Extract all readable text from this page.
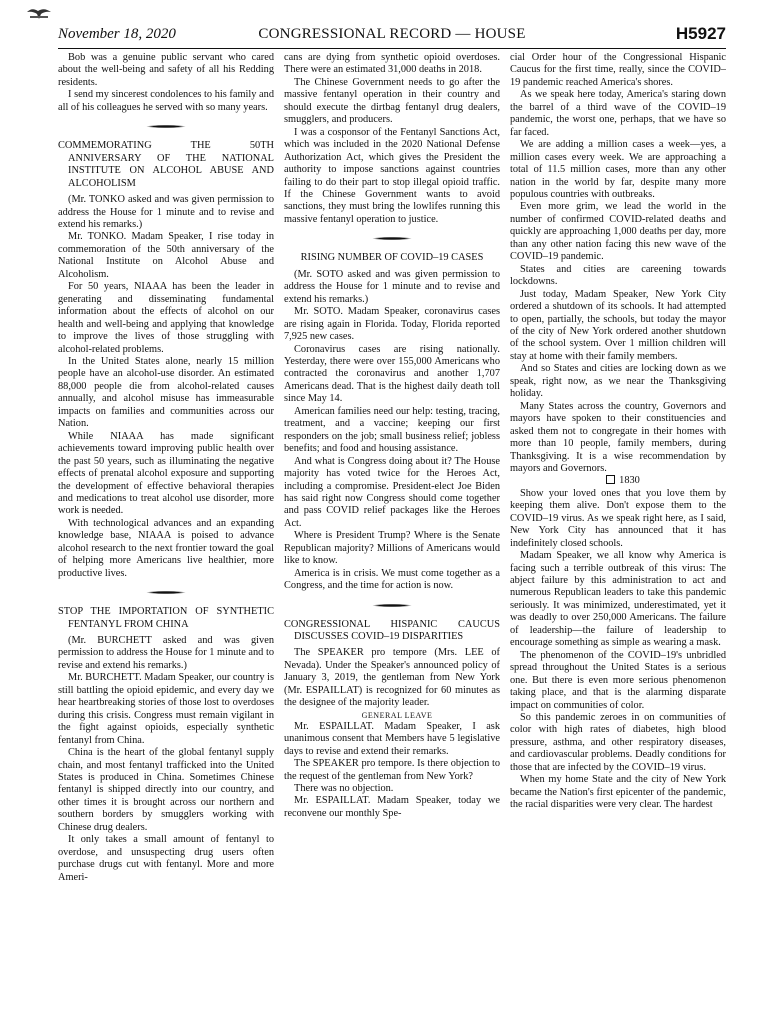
November 18, 2020	CONGRESSIONAL RECORD — HOUSE	H5927

Bob was a genuine public servant who cared about the well-being and safety of all his Redding residents.

I send my sincerest condolences to his family and all of his colleagues he served with so many years.

COMMEMORATING THE 50TH ANNIVERSARY OF THE NATIONAL INSTITUTE ON ALCOHOL ABUSE AND ALCOHOLISM

(Mr. TONKO asked and was given permission to address the House for 1 minute and to revise and extend his remarks.)

Mr. TONKO. Madam Speaker, I rise today in commemoration of the 50th anniversary of the National Institute on Alcohol Abuse and Alcoholism.

For 50 years, NIAAA has been the leader in generating and disseminating fundamental information about the effects of alcohol on our health and well-being and applying that knowledge to improve the lives of those struggling with alcohol-related problems.

In the United States alone, nearly 15 million people have an alcohol-use disorder. An estimated 88,000 people die from alcohol-related causes annually, and alcohol misuse has immeasurable impacts on families and communities across our Nation.

While NIAAA has made significant achievements toward improving public health over the past 50 years, such as illuminating the negative effects of prenatal alcohol exposure and supporting the development of effective behavioral therapies and medications to treat alcohol use disorder, more work is needed.

With technological advances and an expanding knowledge base, NIAAA is poised to advance alcohol research to the next frontier toward the goal of helping more Americans live healthier, more productive lives.

STOP THE IMPORTATION OF SYNTHETIC FENTANYL FROM CHINA

(Mr. BURCHETT asked and was given permission to address the House for 1 minute and to revise and extend his remarks.)

Mr. BURCHETT. Madam Speaker, our country is still battling the opioid epidemic, and every day we hear heartbreaking stories of those lost to overdoses during this crisis. Congress must remain vigilant in the fight against opioids, especially synthetic fentanyl from China.

China is the heart of the global fentanyl supply chain, and most fentanyl trafficked into the United States is produced in China. Sometimes Chinese fentanyl is shipped directly into our country, and other times it is brought across our northern and southern borders by smugglers working with Chinese drug dealers.

It only takes a small amount of fentanyl to overdose, and unsuspecting drug users often purchase drugs cut with fentanyl. More and more Ameri-

cans are dying from synthetic opioid overdoses. There were an estimated 31,000 deaths in 2018.

The Chinese Government needs to go after the massive fentanyl operation in their country and should execute the dirtbag fentanyl drug dealers, smugglers, and producers.

I was a cosponsor of the Fentanyl Sanctions Act, which was included in the 2020 National Defense Authorization Act, which gives the President the authority to impose sanctions against countries failing to do their part to stop illegal opioid traffic. If the Chinese Government wants to avoid sanctions, they must bring the lowlifes running this massive fentanyl operation to justice.

RISING NUMBER OF COVID–19 CASES

(Mr. SOTO asked and was given permission to address the House for 1 minute and to revise and extend his remarks.)

Mr. SOTO. Madam Speaker, coronavirus cases are rising again in Florida. Today, Florida reported 7,925 new cases.

Coronavirus cases are rising nationally. Yesterday, there were over 155,000 Americans who contracted the coronavirus and another 1,707 Americans dead. That is the highest daily death toll since May 14.

American families need our help: testing, tracing, treatment, and a vaccine; keeping our first responders on the job; small business relief; jobless benefits; and food and housing assistance.

And what is Congress doing about it? The House majority has voted twice for the Heroes Act, including a compromise. President-elect Joe Biden has said right now Congress should come together and pass COVID relief packages like the Heroes Act.

Where is President Trump? Where is the Senate Republican majority? Millions of Americans would like to know.

America is in crisis. We must come together as a Congress, and the time for action is now.

CONGRESSIONAL HISPANIC CAUCUS DISCUSSES COVID–19 DISPARITIES

The SPEAKER pro tempore (Mrs. LEE of Nevada). Under the Speaker's announced policy of January 3, 2019, the gentleman from New York (Mr. ESPAILLAT) is recognized for 60 minutes as the designee of the majority leader.

GENERAL LEAVE

Mr. ESPAILLAT. Madam Speaker, I ask unanimous consent that Members have 5 legislative days to revise and extend their remarks.

The SPEAKER pro tempore. Is there objection to the request of the gentleman from New York?

There was no objection.

Mr. ESPAILLAT. Madam Speaker, today we reconvene our monthly Spe-

cial Order hour of the Congressional Hispanic Caucus for the first time, really, since the COVID–19 pandemic reached America's shores.

As we speak here today, America's staring down the barrel of a third wave of the COVID–19 pandemic, the worst one, perhaps, that we have so far faced.

We are adding a million cases a week—yes, a million cases every week. We are approaching a total of 11.5 million cases, more than any other nation in the world by far, despite many more populous countries with outbreaks.

Even more grim, we lead the world in the number of confirmed COVID-related deaths and quickly are approaching 1,000 deaths per day, more than any other nation facing this new wave of the COVID–19 pandemic.

States and cities are careening towards lockdowns.

Just today, Madam Speaker, New York City ordered a shutdown of its schools. It had attempted to open, partially, the schools, but today the mayor of the city of New York ordered another shutdown of the school system. Over 1 million children will stay at home with their family members.

And so States and cities are locking down as we speak, right now, as we near the Thanksgiving holiday.

Many States across the country, Governors and mayors have spoken to their constituencies and asked them not to congregate in their homes with more than 10 people, family members, during Thanksgiving. It is a wise recommendation by mayors and Governors.

1830

Show your loved ones that you love them by keeping them alive. Don't expose them to the COVID–19 virus. As we speak right here, as I said, New York City has announced that it has indefinitely closed schools.

Madam Speaker, we all know why America is facing such a terrible outbreak of this virus: The abject failure by this administration to act and numerous Republican leaders to take this pandemic seriously. It was minimized, underestimated, yet it was deadly to over 250,000 Americans. The failure of leadership—the failure of leadership to encourage something as simple as wearing a mask.

The phenomenon of the COVID–19's unbridled spread throughout the United States is a serious one. But there is even more serious phenomenon taking place, and that is the alarming disparate impact on communities of color.

So this pandemic zeroes in on communities of color with high rates of diabetes, high blood pressure, asthma, and other respiratory diseases, and cardiovascular problems. Deadly conditions for those that are infected by the COVID–19 virus.

When my home State and the city of New York became the Nation's first epicenter of the pandemic, the racial disparities were very clear. The hardest
